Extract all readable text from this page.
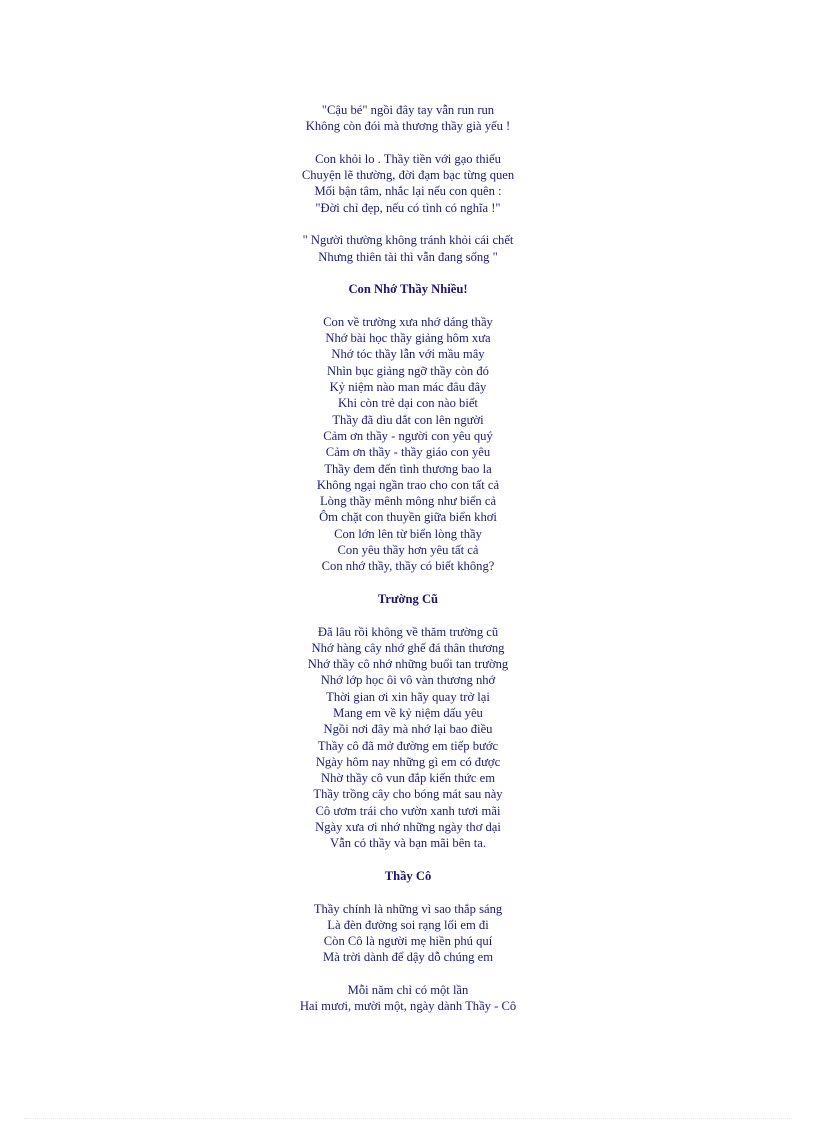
"Cậu bé" ngồi đây tay vẫn run run
Không còn đói mà thương thầy già yếu !
Con khỏi lo . Thầy tiền với gạo thiếu
Chuyện lẽ thường, đời đạm bạc từng quen
Mối bận tâm, nhắc lại nếu con quên :
"Đời chỉ đẹp, nếu có tình có nghĩa !"
" Người thường không tránh khỏi cái chết
Nhưng thiên tài thì vẫn đang sống "
Con Nhớ Thầy Nhiều!
Con về trường xưa nhớ dáng thầy
Nhớ bài học thầy giảng hôm xưa
Nhớ tóc thầy lẫn với mầu mây
Nhìn bục giảng ngỡ thầy còn đó
Kỷ niệm nào man mác đâu đây
Khi còn trẻ dại con nào biết
Thầy đã dìu dắt con lên người
Cảm ơn thầy - người con yêu quý
Cảm ơn thầy - thầy giáo con yêu
Thầy đem đến tình thương bao la
Không ngại ngần trao cho con tất cả
Lòng thầy mênh mông như biển cả
Ôm chặt con thuyền giữa biển khơi
Con lớn lên từ biển lòng thầy
Con yêu thầy hơn yêu tất cả
Con nhớ thầy, thầy có biết không?
Trường Cũ
Đã lâu rồi không về thăm trường cũ
Nhớ hàng cây nhớ ghế đá thân thương
Nhớ thầy cô nhớ những buổi tan trường
Nhớ lớp học ôi vô vàn thương nhớ
Thời gian ơi xin hãy quay trở lại
Mang em về kỷ niệm dấu yêu
Ngồi nơi đây mà nhớ lại bao điều
Thầy cô đã mở đường em tiếp bước
Ngày hôm nay những gì em có được
Nhờ thầy cô vun đắp kiến thức em
Thầy trồng cây cho bóng mát sau này
Cô ươm trái cho vườn xanh tươi mãi
Ngày xưa ơi nhớ những ngày thơ dại
Vẫn có thầy và bạn mãi bên ta.
Thầy Cô
Thầy chính là những vì sao thắp sáng
Là đèn đường soi rạng lối em đi
Còn Cô là người mẹ hiền phú quí
Mà trời dành để dậy dỗ chúng em
Mỗi năm chỉ có một lần
Hai mươi, mười một, ngày dành Thầy - Cô
